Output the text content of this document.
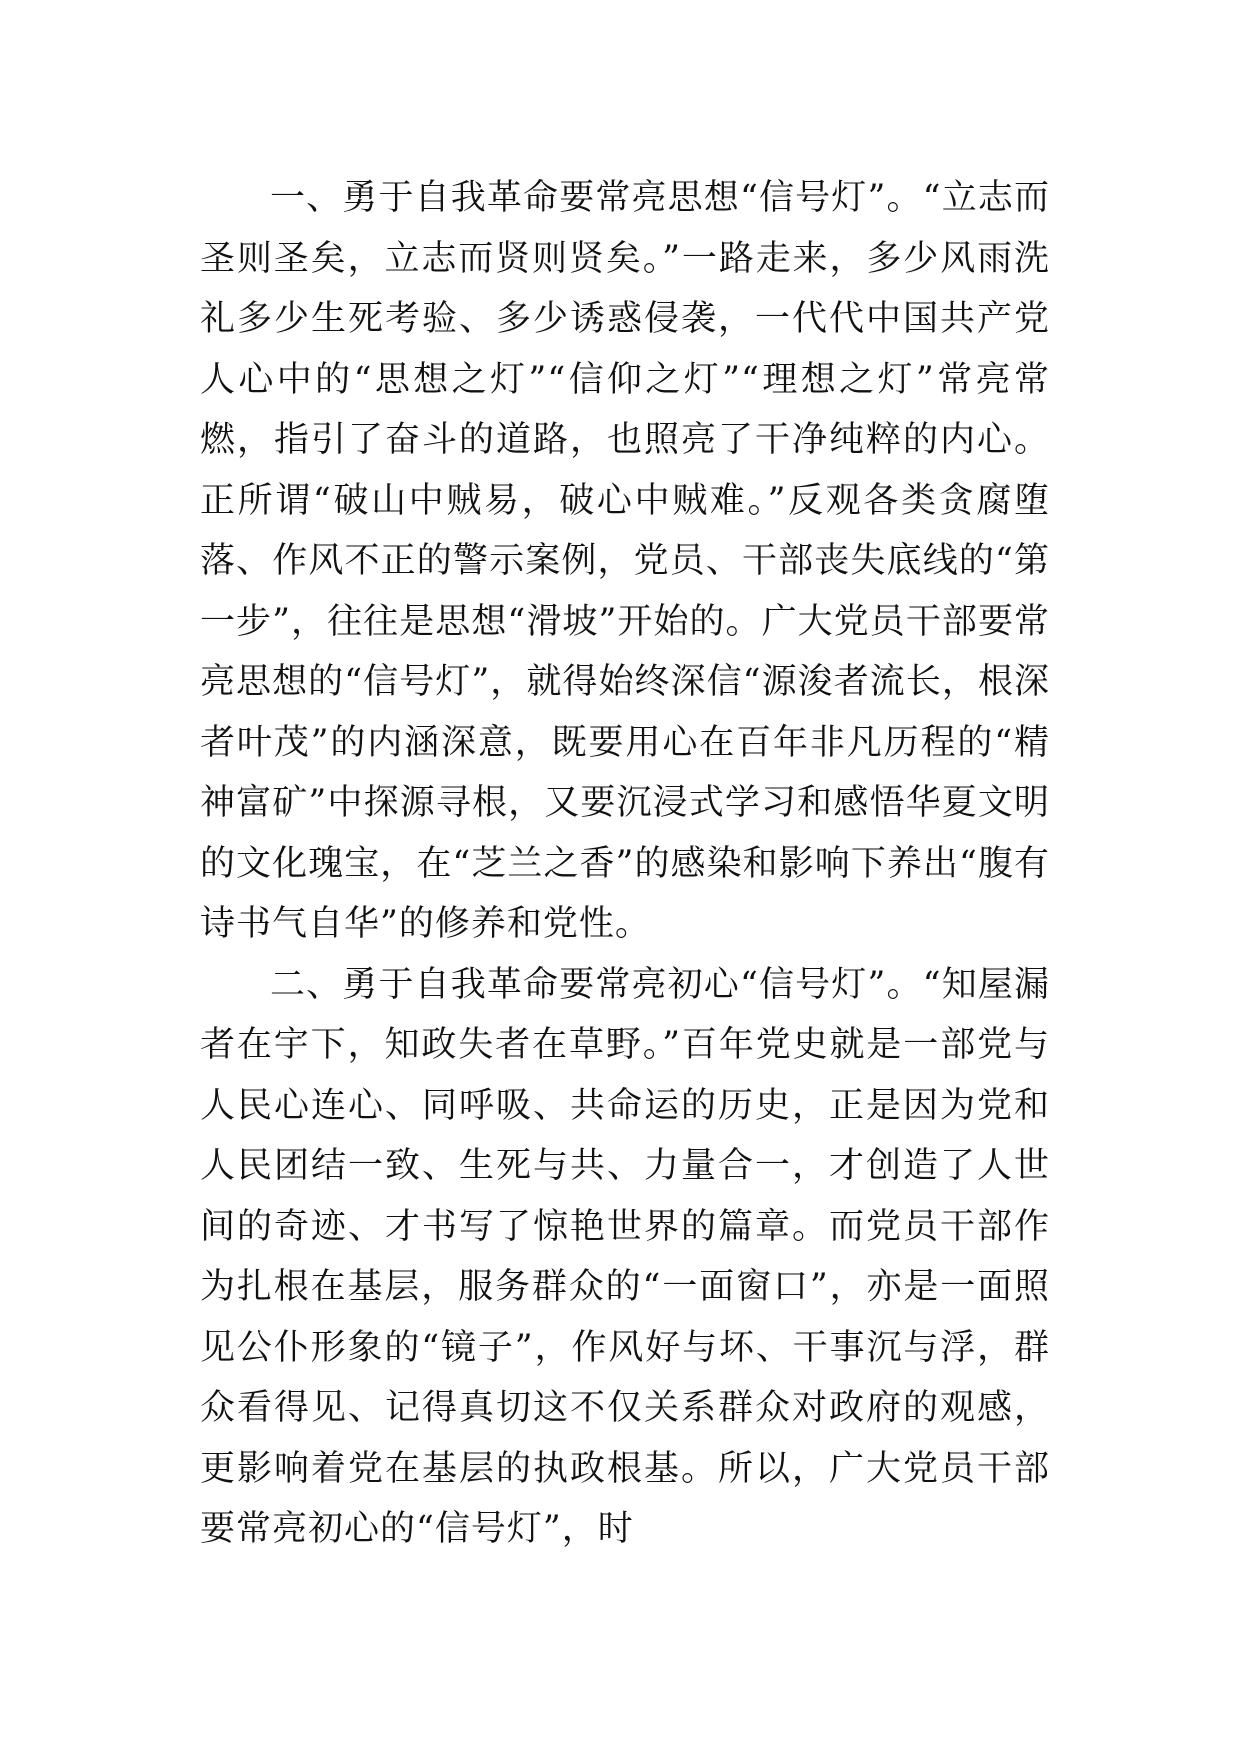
一、勇于自我革命要常亮思想“信号灯”。“立志而圣则圣矣，立志而贤则贤矣。”一路走来，多少风雨洗礼多少生死考验、多少诱惑侵袭，一代代中国共产党人心中的“思想之灯”“信仰之灯”“理想之灯”常亮常燃，指引了奋斗的道路，也照亮了干净纯粹的内心。正所谓“破山中贼易，破心中贼难。”反观各类贪腐堕落、作风不正的警示案例，党员、干部丧失底线的“第一步”，往往是思想“滑坡”开始的。广大党员干部要常亮思想的“信号灯”，就得始终深信“源浚者流长，根深者叶茂”的内涵深意，既要用心在百年非凡历程的“精神富矿”中探源寻根，又要沉浸式学习和感悟华夏文明的文化瑰宝，在“芝兰之香”的感染和影响下养出“腹有诗书气自华”的修养和党性。

二、勇于自我革命要常亮初心“信号灯”。“知屋漏者在宇下，知政失者在草野。”百年党史就是一部党与人民心连心、同呼吸、共命运的历史，正是因为党和人民团结一致、生死与共、力量合一，才创造了人世间的奇迹、才书写了惊艳世界的篇章。而党员干部作为扎根在基层，服务群众的“一面窗口”，亦是一面照见公仆形象的“镜子”，作风好与坏、干事沉与浮，群众看得见、记得真切这不仅关系群众对政府的观感，更影响着党在基层的执政根基。所以，广大党员干部要常亮初心的“信号灯”，时
